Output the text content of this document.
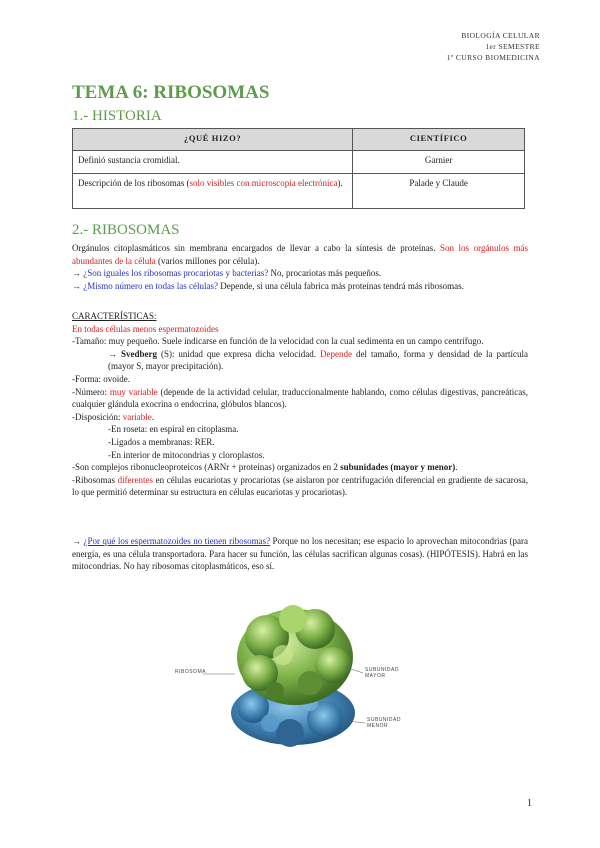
BIOLOGÍA CELULAR
1er SEMESTRE
1º CURSO BIOMEDICINA
TEMA 6: RIBOSOMAS
1.- HISTORIA
¿QUÉ HIZO?	CIENTÍFICO
Definió sustancia cromidial.	Garnier
Descripción de los ribosomas (solo visibles con microscopía electrónica).	Palade y Claude
2.- RIBOSOMAS

Orgánulos citoplasmáticos sin membrana encargados de llevar a cabo la síntesis de proteínas. Son los orgánulos más abundantes de la célula (varios millones por célula).

→ ¿Son iguales los ribosomas procariotas y bacterias? No, procariotas más pequeños.

→ ¿Mismo número en todas las células? Depende, si una célula fabrica más proteínas tendrá más ribosomas.

CARACTERÍSTICAS:

En todas células menos espermatozoides

-Tamaño: muy pequeño. Suele indicarse en función de la velocidad con la cual sedimenta en un campo centrífugo.

→ Svedberg (S): unidad que expresa dicha velocidad. Depende del tamaño, forma y densidad de la partícula (mayor S, mayor precipitación).

-Forma: ovoide.

-Número: muy variable (depende de la actividad celular, traduccionalmente hablando, como células digestivas, pancreáticas, cualquier glándula exocrina o endocrina, glóbulos blancos).

-Disposición: variable.

-En roseta: en espiral en citoplasma.

-Ligados a membranas: RER.

-En interior de mitocondrias y cloroplastos.

-Son complejos ribonucleoproteicos (ARNr + proteínas) organizados en 2 subunidades (mayor y menor).

-Ribosomas diferentes en células eucariotas y procariotas (se aislaron por centrifugación diferencial en gradiente de sacarosa, lo que permitió determinar su estructura en células eucariotas y procariotas).

→ ¿Por qué los espermatozoides no tienen ribosomas? Porque no los necesitan; ese espacio lo aprovechan mitocondrias (para energía, es una célula transportadora. Para hacer su función, las células sacrifican algunas cosas). (HIPÓTESIS). Habrá en las mitocondrias. No hay ribosomas citoplasmáticos, eso sí.

RIBOSOMA	SUBUNIDAD
MAYOR
SUBUNIDAD
MENOR
1
